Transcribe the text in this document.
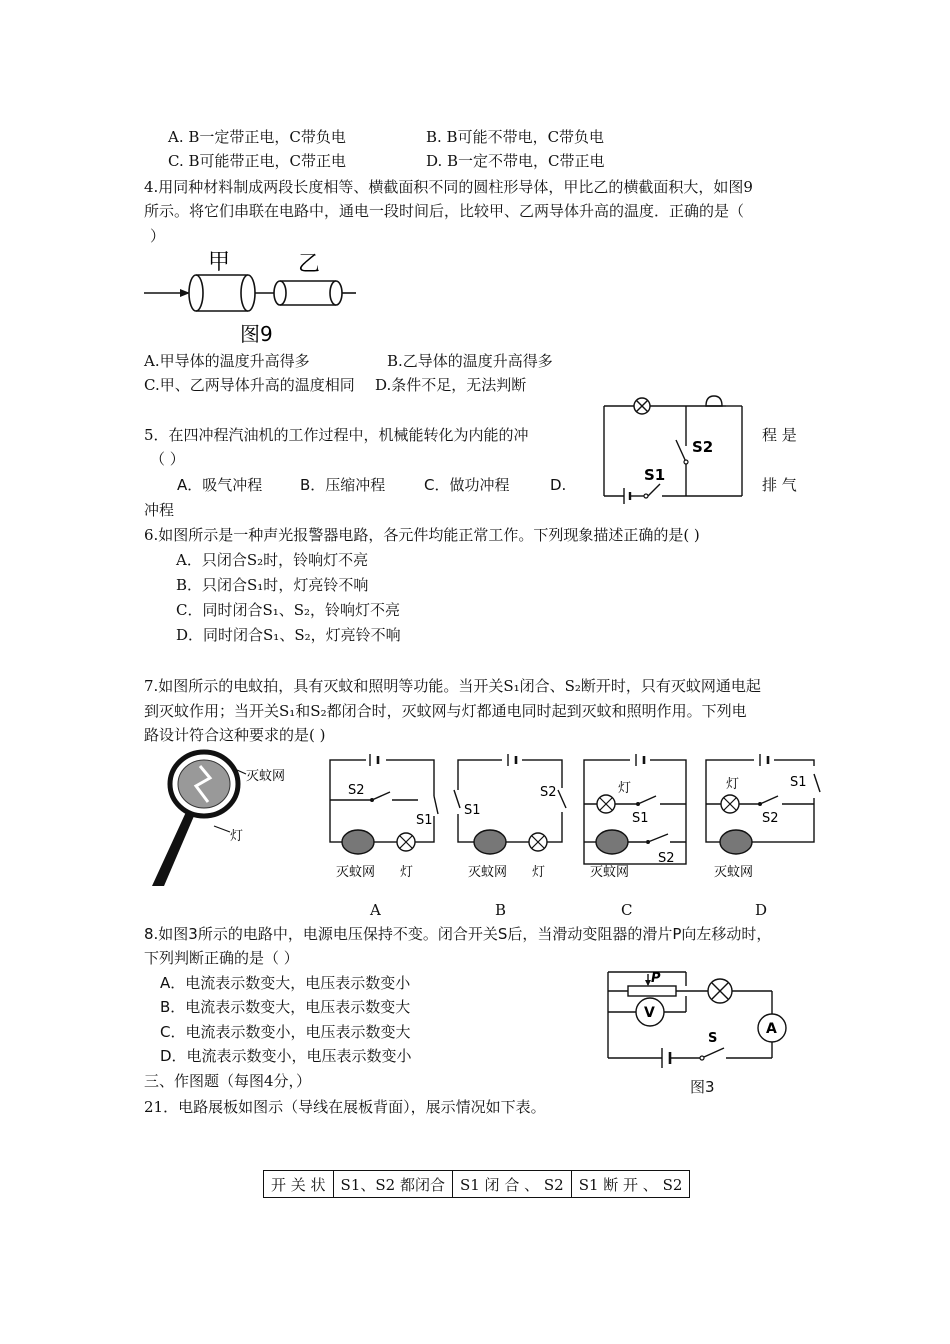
A. B一定带正电，C带负电	B. B可能不带电，C带负电
C. B可能带正电，C带正电	D. B一定不带电，C带正电
4.用同种材料制成两段长度相等、横截面积不同的圆柱形导体，甲比乙的横截面积大，如图9
所示。将它们串联在电路中，通电一段时间后，比较甲、乙两导体升高的温度．正确的是（
）
甲	乙
图9
A.甲导体的温度升高得多	B.乙导体的温度升高得多
C.甲、乙两导体升高的温度相同 D.条件不足，无法判断
5．在四冲程汽油机的工作过程中，机械能转化为内能的冲	程 是
（ ）
A．吸气冲程	B．压缩冲程	C．做功冲程	D.	排 气
冲程
S2
S1
6.如图所示是一种声光报警器电路，各元件均能正常工作。下列现象描述正确的是( )
A．只闭合S₂时，铃响灯不亮
B．只闭合S₁时，灯亮铃不响
C．同时闭合S₁、S₂，铃响灯不亮
D．同时闭合S₁、S₂，灯亮铃不响
7.如图所示的电蚊拍，具有灭蚊和照明等功能。当开关S₁闭合、S₂断开时，只有灭蚊网通电起
到灭蚊作用；当开关S₁和S₂都闭合时，灭蚊网与灯都通电同时起到灭蚊和照明作用。下列电
路设计符合这种要求的是( )
灭蚊网
灯
S2
S1
灭蚊网 灯
S1
S2
灭蚊网 灯
灯
S1
S2
灭蚊网
灯
S2
S1
灭蚊网
A	B	C	D
8.如图3所示的电路中，电源电压保持不变。闭合开关S后，当滑动变阻器的滑片P向左移动时，
下列判断正确的是（ ）
A．电流表示数变大，电压表示数变小
B．电流表示数变大，电压表示数变大
C．电流表示数变小，电压表示数变大
D．电流表示数变小，电压表示数变小
P
A
V
S
图3
三、作图题（每图4分，）
21．电路展板如图示（导线在展板背面），展示情况如下表。
开 关 状	S1、S2 都闭合	S1 闭 合 、 S2	S1 断 开 、 S2
